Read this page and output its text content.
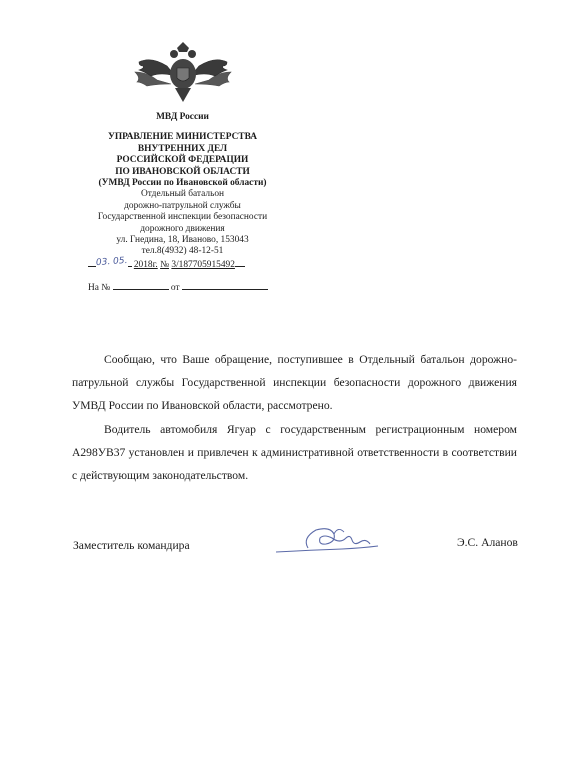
МВД России
УПРАВЛЕНИЕ МИНИСТЕРСТВА
ВНУТРЕННИХ ДЕЛ
РОССИЙСКОЙ ФЕДЕРАЦИИ
ПО ИВАНОВСКОЙ ОБЛАСТИ
(УМВД России по Ивановской области)
Отдельный батальон
дорожно-патрульной службы
Государственной инспекции безопасности
дорожного движения
ул. Гнедина, 18, Иваново, 153043
тел.8(4932) 48-12-51
03. 05. 2018г. № 3/187705915492
На №	от
Сообщаю, что Ваше обращение, поступившее в Отдельный батальон дорожно-патрульной службы Государственной инспекции безопасности дорожного движения УМВД России по Ивановской области, рассмотрено.
Водитель автомобиля Ягуар с государственным регистрационным номером А298УВ37 установлен и привлечен к административной ответственности в соответствии с действующим законодательством.
Заместитель командира	Э.С. Аланов
